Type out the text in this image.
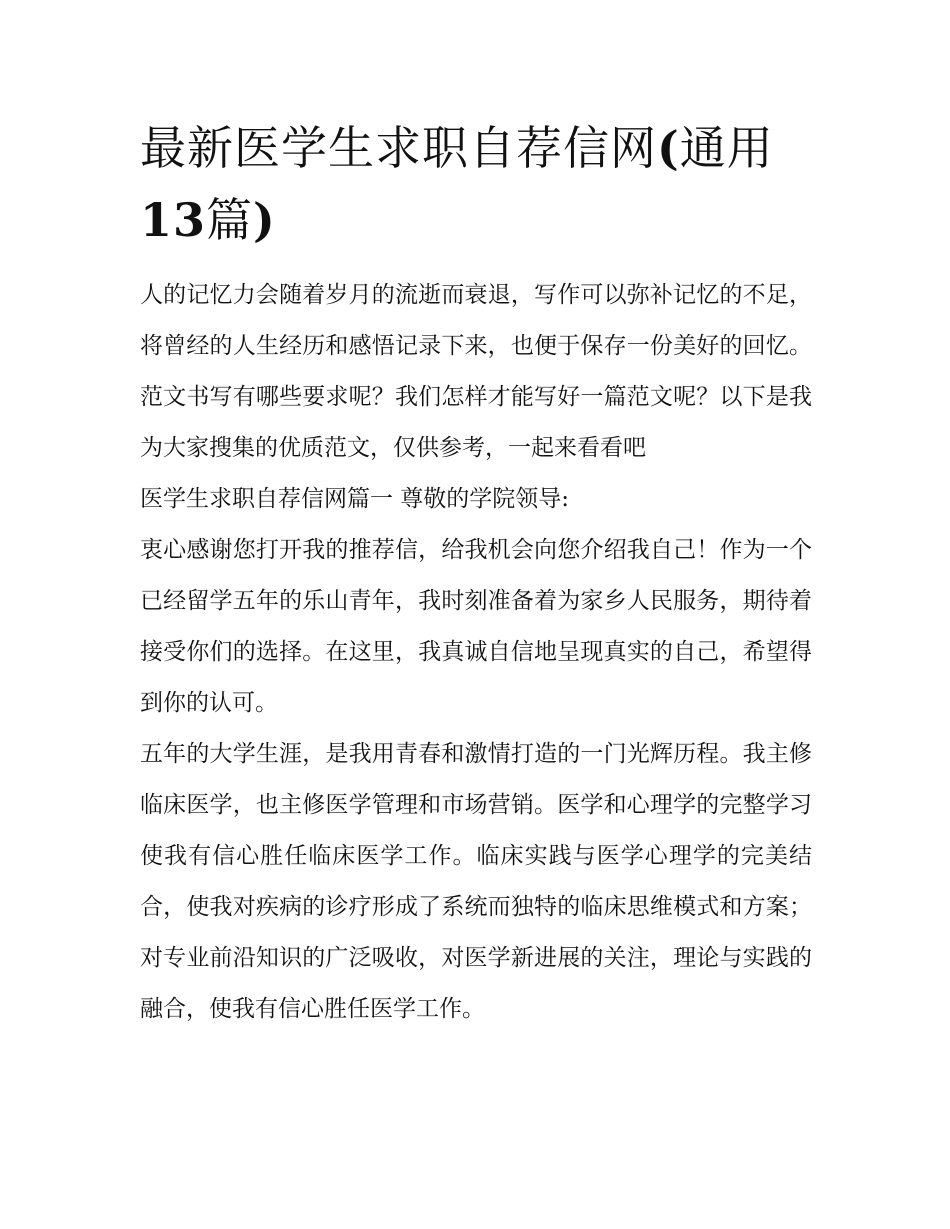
最新医学生求职自荐信网(通用13篇)

人的记忆力会随着岁月的流逝而衰退，写作可以弥补记忆的不足，将曾经的人生经历和感悟记录下来，也便于保存一份美好的回忆。范文书写有哪些要求呢？我们怎样才能写好一篇范文呢？以下是我为大家搜集的优质范文，仅供参考，一起来看看吧

医学生求职自荐信网篇一 尊敬的学院领导:

衷心感谢您打开我的推荐信，给我机会向您介绍我自己！作为一个已经留学五年的乐山青年，我时刻准备着为家乡人民服务，期待着接受你们的选择。在这里，我真诚自信地呈现真实的自己，希望得到你的认可。

五年的大学生涯，是我用青春和激情打造的一门光辉历程。我主修临床医学，也主修医学管理和市场营销。医学和心理学的完整学习使我有信心胜任临床医学工作。临床实践与医学心理学的完美结合，使我对疾病的诊疗形成了系统而独特的临床思维模式和方案；对专业前沿知识的广泛吸收，对医学新进展的关注，理论与实践的融合，使我有信心胜任医学工作。
